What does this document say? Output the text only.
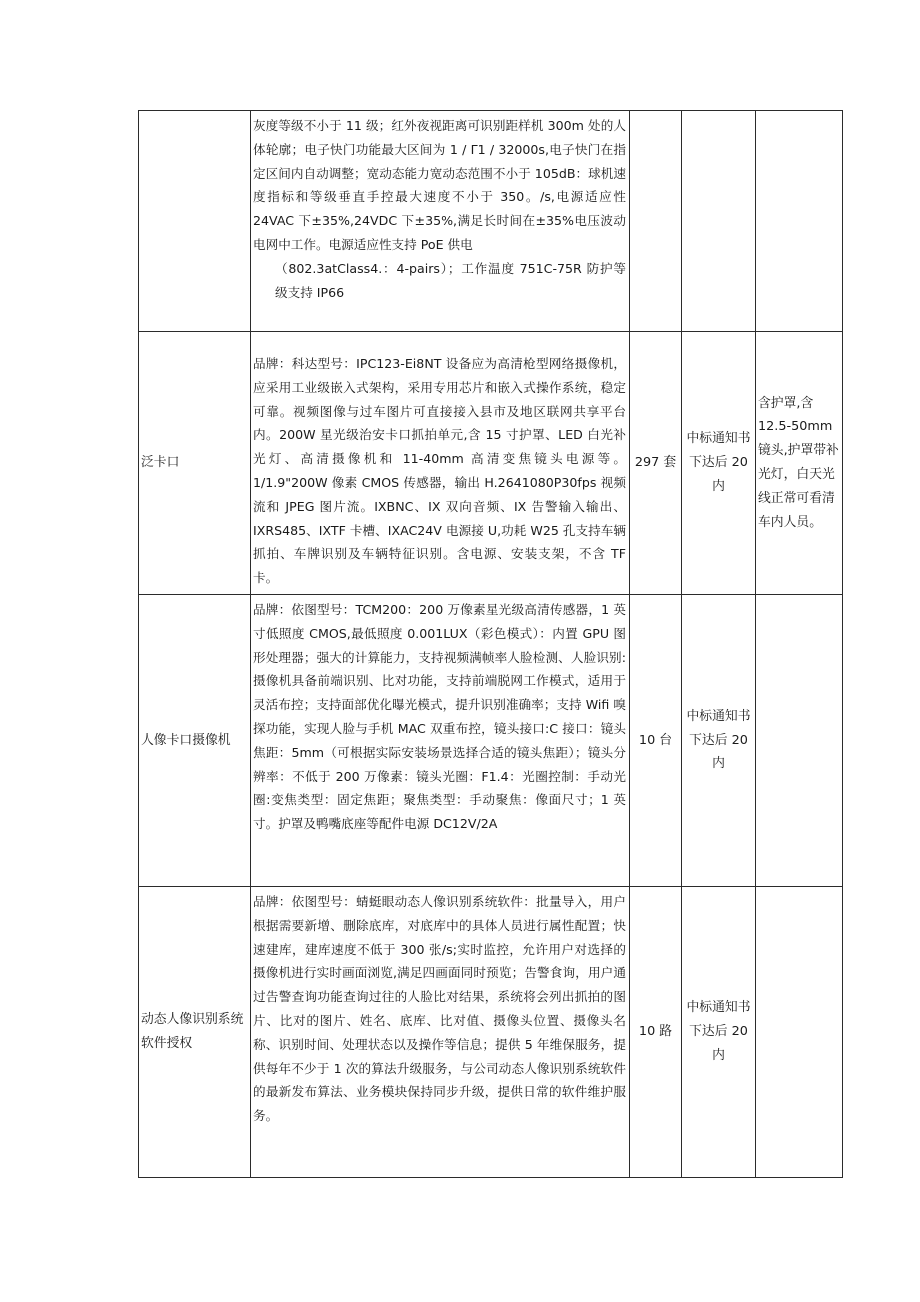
	灰度等级不小于 11 级；红外夜视距离可识别距样机 300m 处的人体轮廓；电子快门功能最大区间为 1 / Γ1 / 32000s,电子快门在指定区间内自动调整；宽动态能力宽动态范围不小于 105dB：球机速度指标和等级垂直手控最大速度不小于 350。/s,电源适应性 24VAC 下±35%,24VDC 下±35%,满足长时间在±35%电压波动电网中工作。电源适应性支持 PoE 供电
（802.3atClass4.：4-pairs）；工作温度 751C-75R 防护等级支持 IP66			

泛卡口	品牌：科达型号：IPC123-Ei8NT 设备应为高清枪型网络摄像机，应采用工业级嵌入式架构，采用专用芯片和嵌入式操作系统，稳定可靠。视频图像与过车图片可直接接入县市及地区联网共享平台内。200W 星光级治安卡口抓拍单元,含 15 寸护罩、LED 白光补光灯、高清摄像机和 11-40mm 高清变焦镜头电源等。1/1.9"200W 像素 CMOS 传感器，输出 H.2641080P30fps 视频流和 JPEG 图片流。IXBNC、IX 双向音频、IX 告警输入输出、IXRS485、IXTF 卡槽、IXAC24V 电源接 U,功耗 W25 孔支持车辆抓拍、车牌识别及车辆特征识别。含电源、安装支架，不含 TF 卡。	297 套	中标通知书下达后 20 内	含护罩,含 12.5-50mm 镜头,护罩带补光灯，白天光线正常可看清车内人员。
人像卡口摄像机	品牌：依图型号：TCM200：200 万像素星光级高清传感器，1 英寸低照度 CMOS,最低照度 0.001LUX（彩色模式）：内置 GPU 图形处理器；强大的计算能力，支持视频满帧率人脸检测、人脸识别:摄像机具备前端识别、比对功能，支持前端脱网工作模式，适用于灵活布控；支持面部优化曝光模式，提升识别准确率；支持 Wifi 嗅探功能，实现人脸与手机 MAC 双重布控，镜头接口:C 接口：镜头焦距：5mm（可根据实际安装场景选择合适的镜头焦距）；镜头分辨率：不低于 200 万像素：镜头光圈：F1.4：光圈控制：手动光圈:变焦类型：固定焦距；聚焦类型：手动聚焦：像面尺寸；1 英寸。护罩及鸭嘴底座等配件电源 DC12V/2A	10 台	中标通知书下达后 20 内	
动态人像识别系统软件授权	品牌：依图型号：蜻蜓眼动态人像识别系统软件：批量导入，用户根据需要新增、删除底库，对底库中的具体人员进行属性配置；快速建库，建库速度不低于 300 张/s;实时监控，允许用户对选择的摄像机进行实时画面浏览,满足四画面同时预览；告警食询，用户通过告警查询功能查询过往的人脸比对结果，系统将会列出抓拍的图片、比对的图片、姓名、底库、比对值、摄像头位置、摄像头名称、识别时间、处理状态以及操作等信息；提供 5 年维保服务，提供每年不少于 1 次的算法升级服务，与公司动态人像识别系统软件的最新发布算法、业务模块保持同步升级，提供日常的软件维护服务。	10 路	中标通知书下达后 20 内	
